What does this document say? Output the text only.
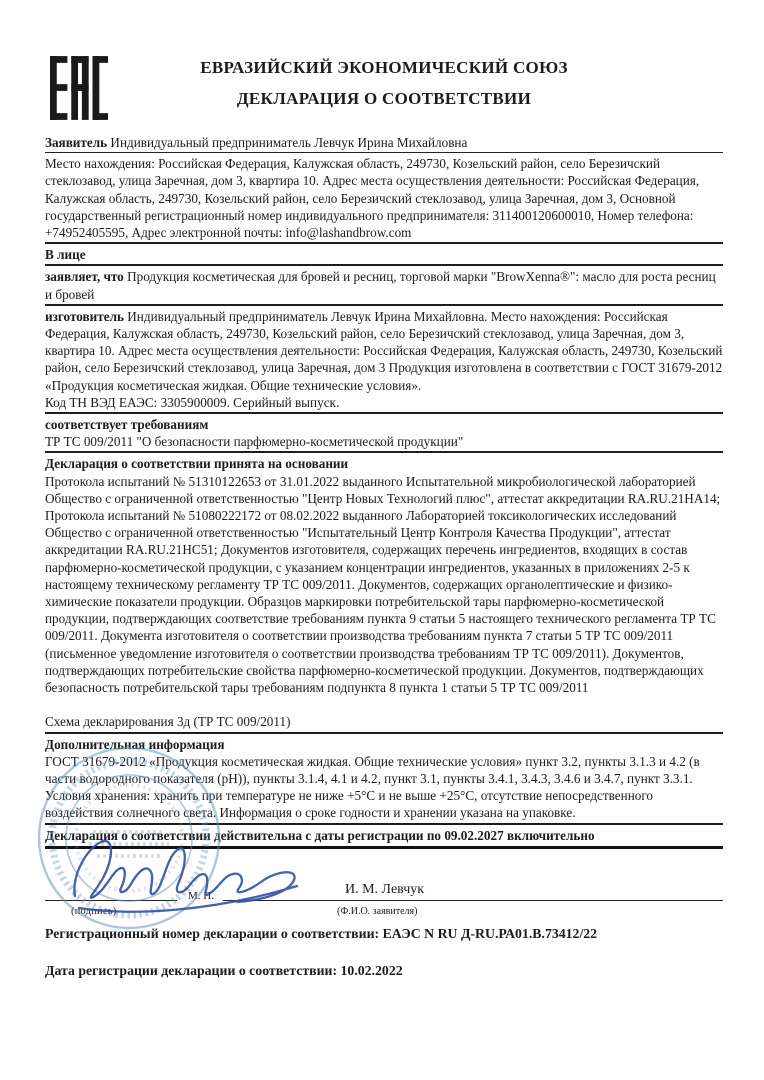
ЕВРАЗИЙСКИЙ ЭКОНОМИЧЕСКИЙ СОЮЗ
ДЕКЛАРАЦИЯ О СООТВЕТСТВИИ

Заявитель Индивидуальный предприниматель Левчук Ирина Михайловна

Место нахождения: Российская Федерация, Калужская область, 249730, Козельский район, село Березичский стеклозавод, улица Заречная, дом 3, квартира 10. Адрес места осуществления деятельности: Российская Федерация, Калужская область, 249730, Козельский район, село Березичский стеклозавод, улица Заречная, дом 3, Основной государственный регистрационный номер индивидуального предпринимателя: 311400120600010, Номер телефона: +74952405595, Адрес электронной почты: info@lashandbrow.com

В лице

заявляет, что Продукция косметическая для бровей и ресниц, торговой марки "BrowXenna®": масло для роста ресниц и бровей

изготовитель Индивидуальный предприниматель Левчук Ирина Михайловна. Место нахождения: Российская Федерация, Калужская область, 249730, Козельский район, село Березичский стеклозавод, улица Заречная, дом 3, квартира 10. Адрес места осуществления деятельности: Российская Федерация, Калужская область, 249730, Козельский район, село Березичский стеклозавод, улица Заречная, дом 3 Продукция изготовлена в соответствии с ГОСТ 31679-2012 «Продукция косметическая жидкая. Общие технические условия».

Код ТН ВЭД ЕАЭС: 3305900009. Серийный выпуск.

соответствует требованиям

ТР ТС 009/2011 "О безопасности парфюмерно-косметической продукции"

Декларация о соответствии принята на основании

Протокола испытаний № 51310122653 от 31.01.2022 выданного Испытательной микробиологической лабораторией Общество с ограниченной ответственностью "Центр Новых Технологий плюс", аттестат аккредитации RA.RU.21НА14; Протокола испытаний № 51080222172 от 08.02.2022 выданного Лабораторией токсикологических исследований Общество с ограниченной ответственностью "Испытательный Центр Контроля Качества Продукции", аттестат аккредитации RA.RU.21НС51; Документов изготовителя, содержащих перечень ингредиентов, входящих в состав парфюмерно-косметической продукции, с указанием концентрации ингредиентов, указанных в приложениях 2-5 к настоящему техническому регламенту ТР ТС 009/2011. Документов, содержащих органолептические и физико-химические показатели продукции. Образцов маркировки потребительской тары парфюмерно-косметической продукции, подтверждающих соответствие требованиям пункта 9 статьи 5 настоящего технического регламента ТР ТС 009/2011. Документа изготовителя о соответствии производства требованиям пункта 7 статьи 5 ТР ТС 009/2011 (письменное уведомление изготовителя о соответствии производства требованиям ТР ТС 009/2011). Документов, подтверждающих потребительские свойства парфюмерно-косметической продукции. Документов, подтверждающих безопасность потребительской тары требованиям подпункта 8 пункта 1 статьи 5 ТР ТС 009/2011

Схема декларирования 3д (ТР ТС 009/2011)

Дополнительная информация

ГОСТ 31679-2012 «Продукция косметическая жидкая. Общие технические условия» пункт 3.2, пункты 3.1.3 и 4.2 (в части водородного показателя (рН)), пункты 3.1.4, 4.1 и 4.2, пункт 3.1, пункты 3.4.1, 3.4.3, 3.4.6 и 3.4.7, пункт 3.3.1. Условия хранения: хранить при температуре не ниже +5°С и не выше +25°С, отсутствие непосредственного воздействия солнечного света. Информация о сроке годности и хранении указана на упаковке.

Декларация о соответствии действительна с даты регистрации по 09.02.2027 включительно

(подпись)
М. П.	И. М. Левчук
(Ф.И.О. заявителя)

Регистрационный номер декларации о соответствии: ЕАЭС N RU Д-RU.РА01.В.73412/22

Дата регистрации декларации о соответствии: 10.02.2022
